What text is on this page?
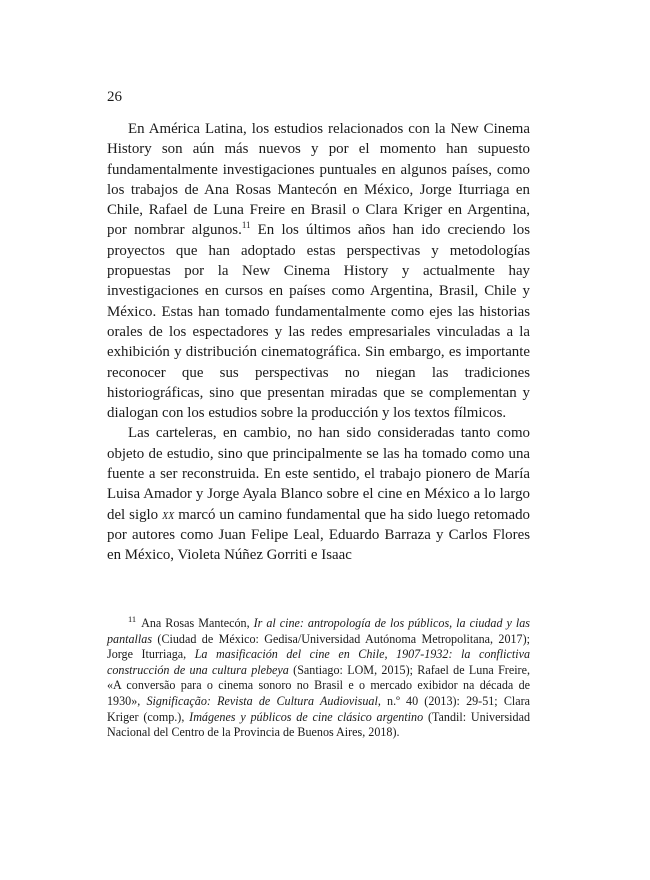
26

En América Latina, los estudios relacionados con la New Cinema History son aún más nuevos y por el momento han supuesto fundamentalmente investigaciones puntuales en algunos países, como los trabajos de Ana Rosas Mantecón en México, Jorge Iturriaga en Chile, Rafael de Luna Freire en Brasil o Clara Kriger en Argentina, por nombrar algunos.$^{11}$ En los últimos años han ido creciendo los proyectos que han adoptado estas perspectivas y metodologías propuestas por la New Cinema History y actualmente hay investigaciones en cursos en países como Argentina, Brasil, Chile y México. Estas han tomado fundamentalmente como ejes las historias orales de los espectadores y las redes empresariales vinculadas a la exhibición y distribución cinematográfica. Sin embargo, es importante reconocer que sus perspectivas no niegan las tradiciones historiográficas, sino que presentan miradas que se complementan y dialogan con los estudios sobre la producción y los textos fílmicos.

Las carteleras, en cambio, no han sido consideradas tanto como objeto de estudio, sino que principalmente se las ha tomado como una fuente a ser reconstruida. En este sentido, el trabajo pionero de María Luisa Amador y Jorge Ayala Blanco sobre el cine en México a lo largo del siglo xx marcó un camino fundamental que ha sido luego retomado por autores como Juan Felipe Leal, Eduardo Barraza y Carlos Flores en México, Violeta Núñez Gorriti e Isaac

$^{11}$ Ana Rosas Mantecón, Ir al cine: antropología de los públicos, la ciudad y las pantallas (Ciudad de México: Gedisa/Universidad Autónoma Metropolitana, 2017); Jorge Iturriaga, La masificación del cine en Chile, 1907-1932: la conflictiva construcción de una cultura plebeya (Santiago: LOM, 2015); Rafael de Luna Freire, «A conversão para o cinema sonoro no Brasil e o mercado exibidor na década de 1930», Significação: Revista de Cultura Audiovisual, n.º 40 (2013): 29-51; Clara Kriger (comp.), Imágenes y públicos de cine clásico argentino (Tandil: Universidad Nacional del Centro de la Provincia de Buenos Aires, 2018).
